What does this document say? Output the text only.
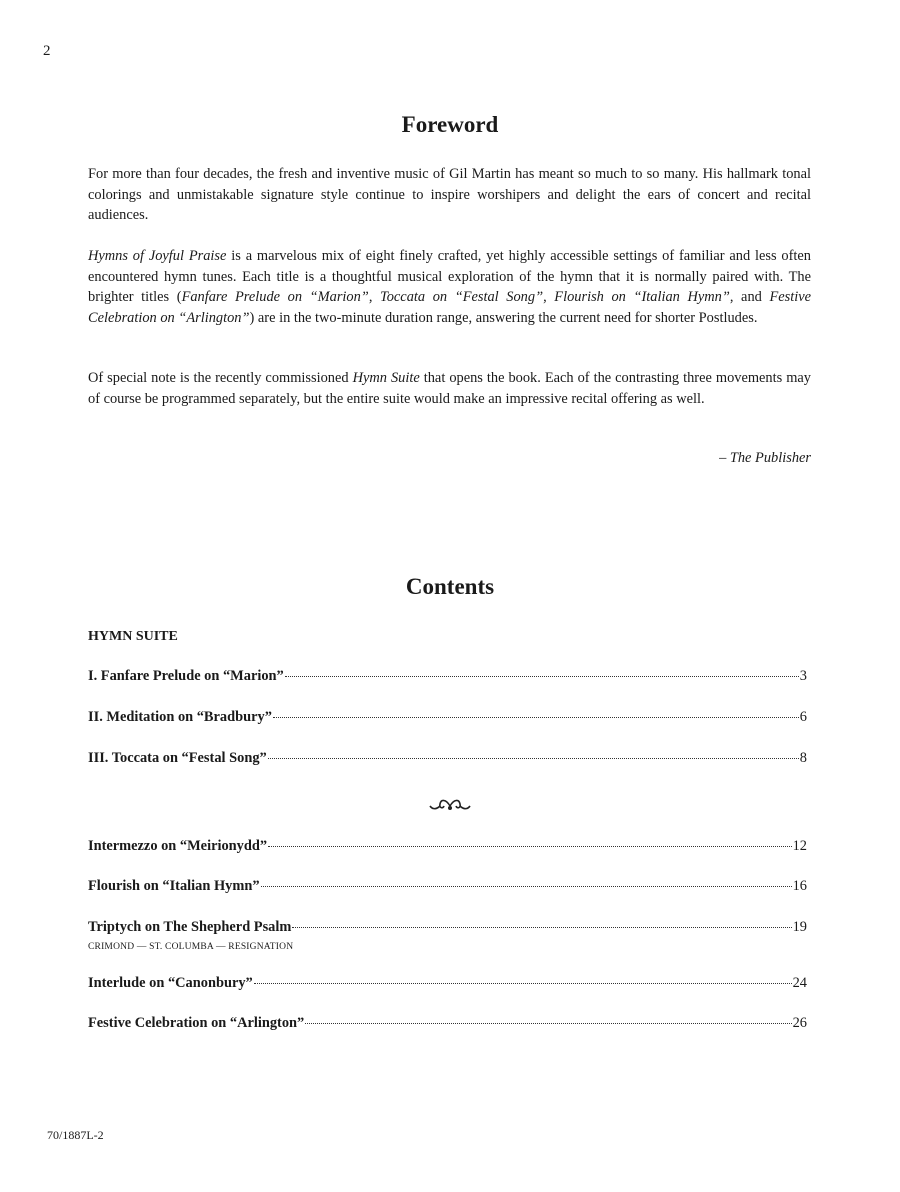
2
Foreword

For more than four decades, the fresh and inventive music of Gil Martin has meant so much to so many. His hallmark tonal colorings and unmistakable signature style continue to inspire worshipers and delight the ears of concert and recital audiences.

Hymns of Joyful Praise is a marvelous mix of eight finely crafted, yet highly accessible settings of familiar and less often encountered hymn tunes. Each title is a thoughtful musical exploration of the hymn that it is normally paired with. The brighter titles (Fanfare Prelude on “Marion”, Toccata on “Festal Song”, Flourish on “Italian Hymn”, and Festive Celebration on “Arlington”) are in the two-minute duration range, answering the current need for shorter Postludes.

Of special note is the recently commissioned Hymn Suite that opens the book. Each of the contrasting three movements may of course be programmed separately, but the entire suite would make an impressive recital offering as well.

– The Publisher
Contents
HYMN SUITE
I. Fanfare Prelude on “Marion”	3
II. Meditation on “Bradbury”	6
III. Toccata on “Festal Song”	8
Intermezzo on “Meirionydd”	12
Flourish on “Italian Hymn”	16
Triptych on The Shepherd Psalm	19
CRIMOND — ST. COLUMBA — RESIGNATION
Interlude on “Canonbury”	24
Festive Celebration on “Arlington”	26
70/1887L-2
